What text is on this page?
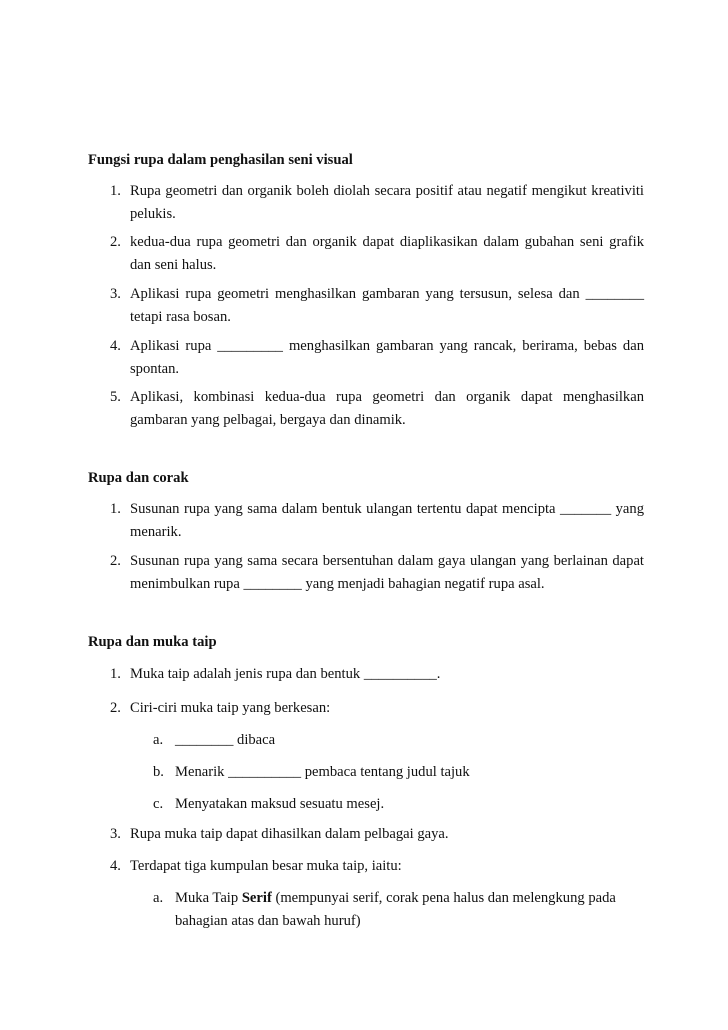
Fungsi rupa dalam penghasilan seni visual

1. Rupa geometri dan organik boleh diolah secara positif atau negatif mengikut kreativiti pelukis.
2. kedua-dua rupa geometri dan organik dapat diaplikasikan dalam gubahan seni grafik dan seni halus.
3. Aplikasi rupa geometri menghasilkan gambaran yang tersusun, selesa dan ________ tetapi rasa bosan.
4. Aplikasi rupa _________ menghasilkan gambaran yang rancak, berirama, bebas dan spontan.
5. Aplikasi, kombinasi kedua-dua rupa geometri dan organik dapat menghasilkan gambaran yang pelbagai, bergaya dan dinamik.

Rupa dan corak

1. Susunan rupa yang sama dalam bentuk ulangan tertentu dapat mencipta _______ yang menarik.
2. Susunan rupa yang sama secara bersentuhan dalam gaya ulangan yang berlainan dapat menimbulkan rupa ________ yang menjadi bahagian negatif rupa asal.

Rupa dan muka taip

1. Muka taip adalah jenis rupa dan bentuk __________.
2. Ciri-ciri muka taip yang berkesan:
a. ________ dibaca
b. Menarik __________ pembaca tentang judul tajuk
c. Menyatakan maksud sesuatu mesej.
3. Rupa muka taip dapat dihasilkan dalam pelbagai gaya.
4. Terdapat tiga kumpulan besar muka taip, iaitu:
a. Muka Taip Serif (mempunyai serif, corak pena halus dan melengkung pada bahagian atas dan bawah huruf)
